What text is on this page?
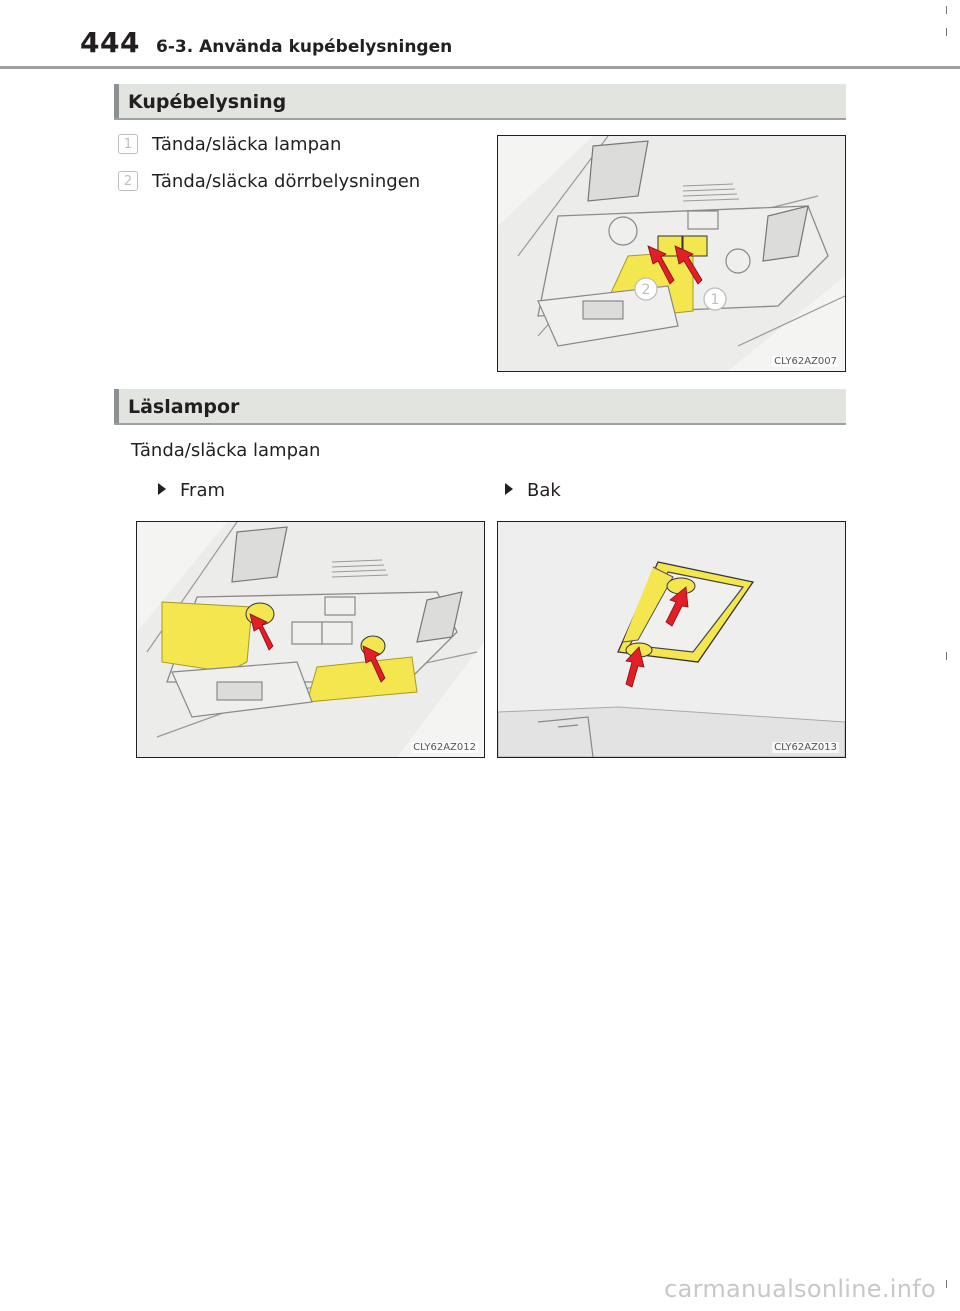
444 6-3. Använda kupébelysningen
Kupébelysning
1 Tända/släcka lampan
2 Tända/släcka dörrbelysningen
2
1
CLY62AZ007
Läslampor
Tända/släcka lampan
Fram	Bak
CLY62AZ012	CLY62AZ013
carmanualsonline.info
